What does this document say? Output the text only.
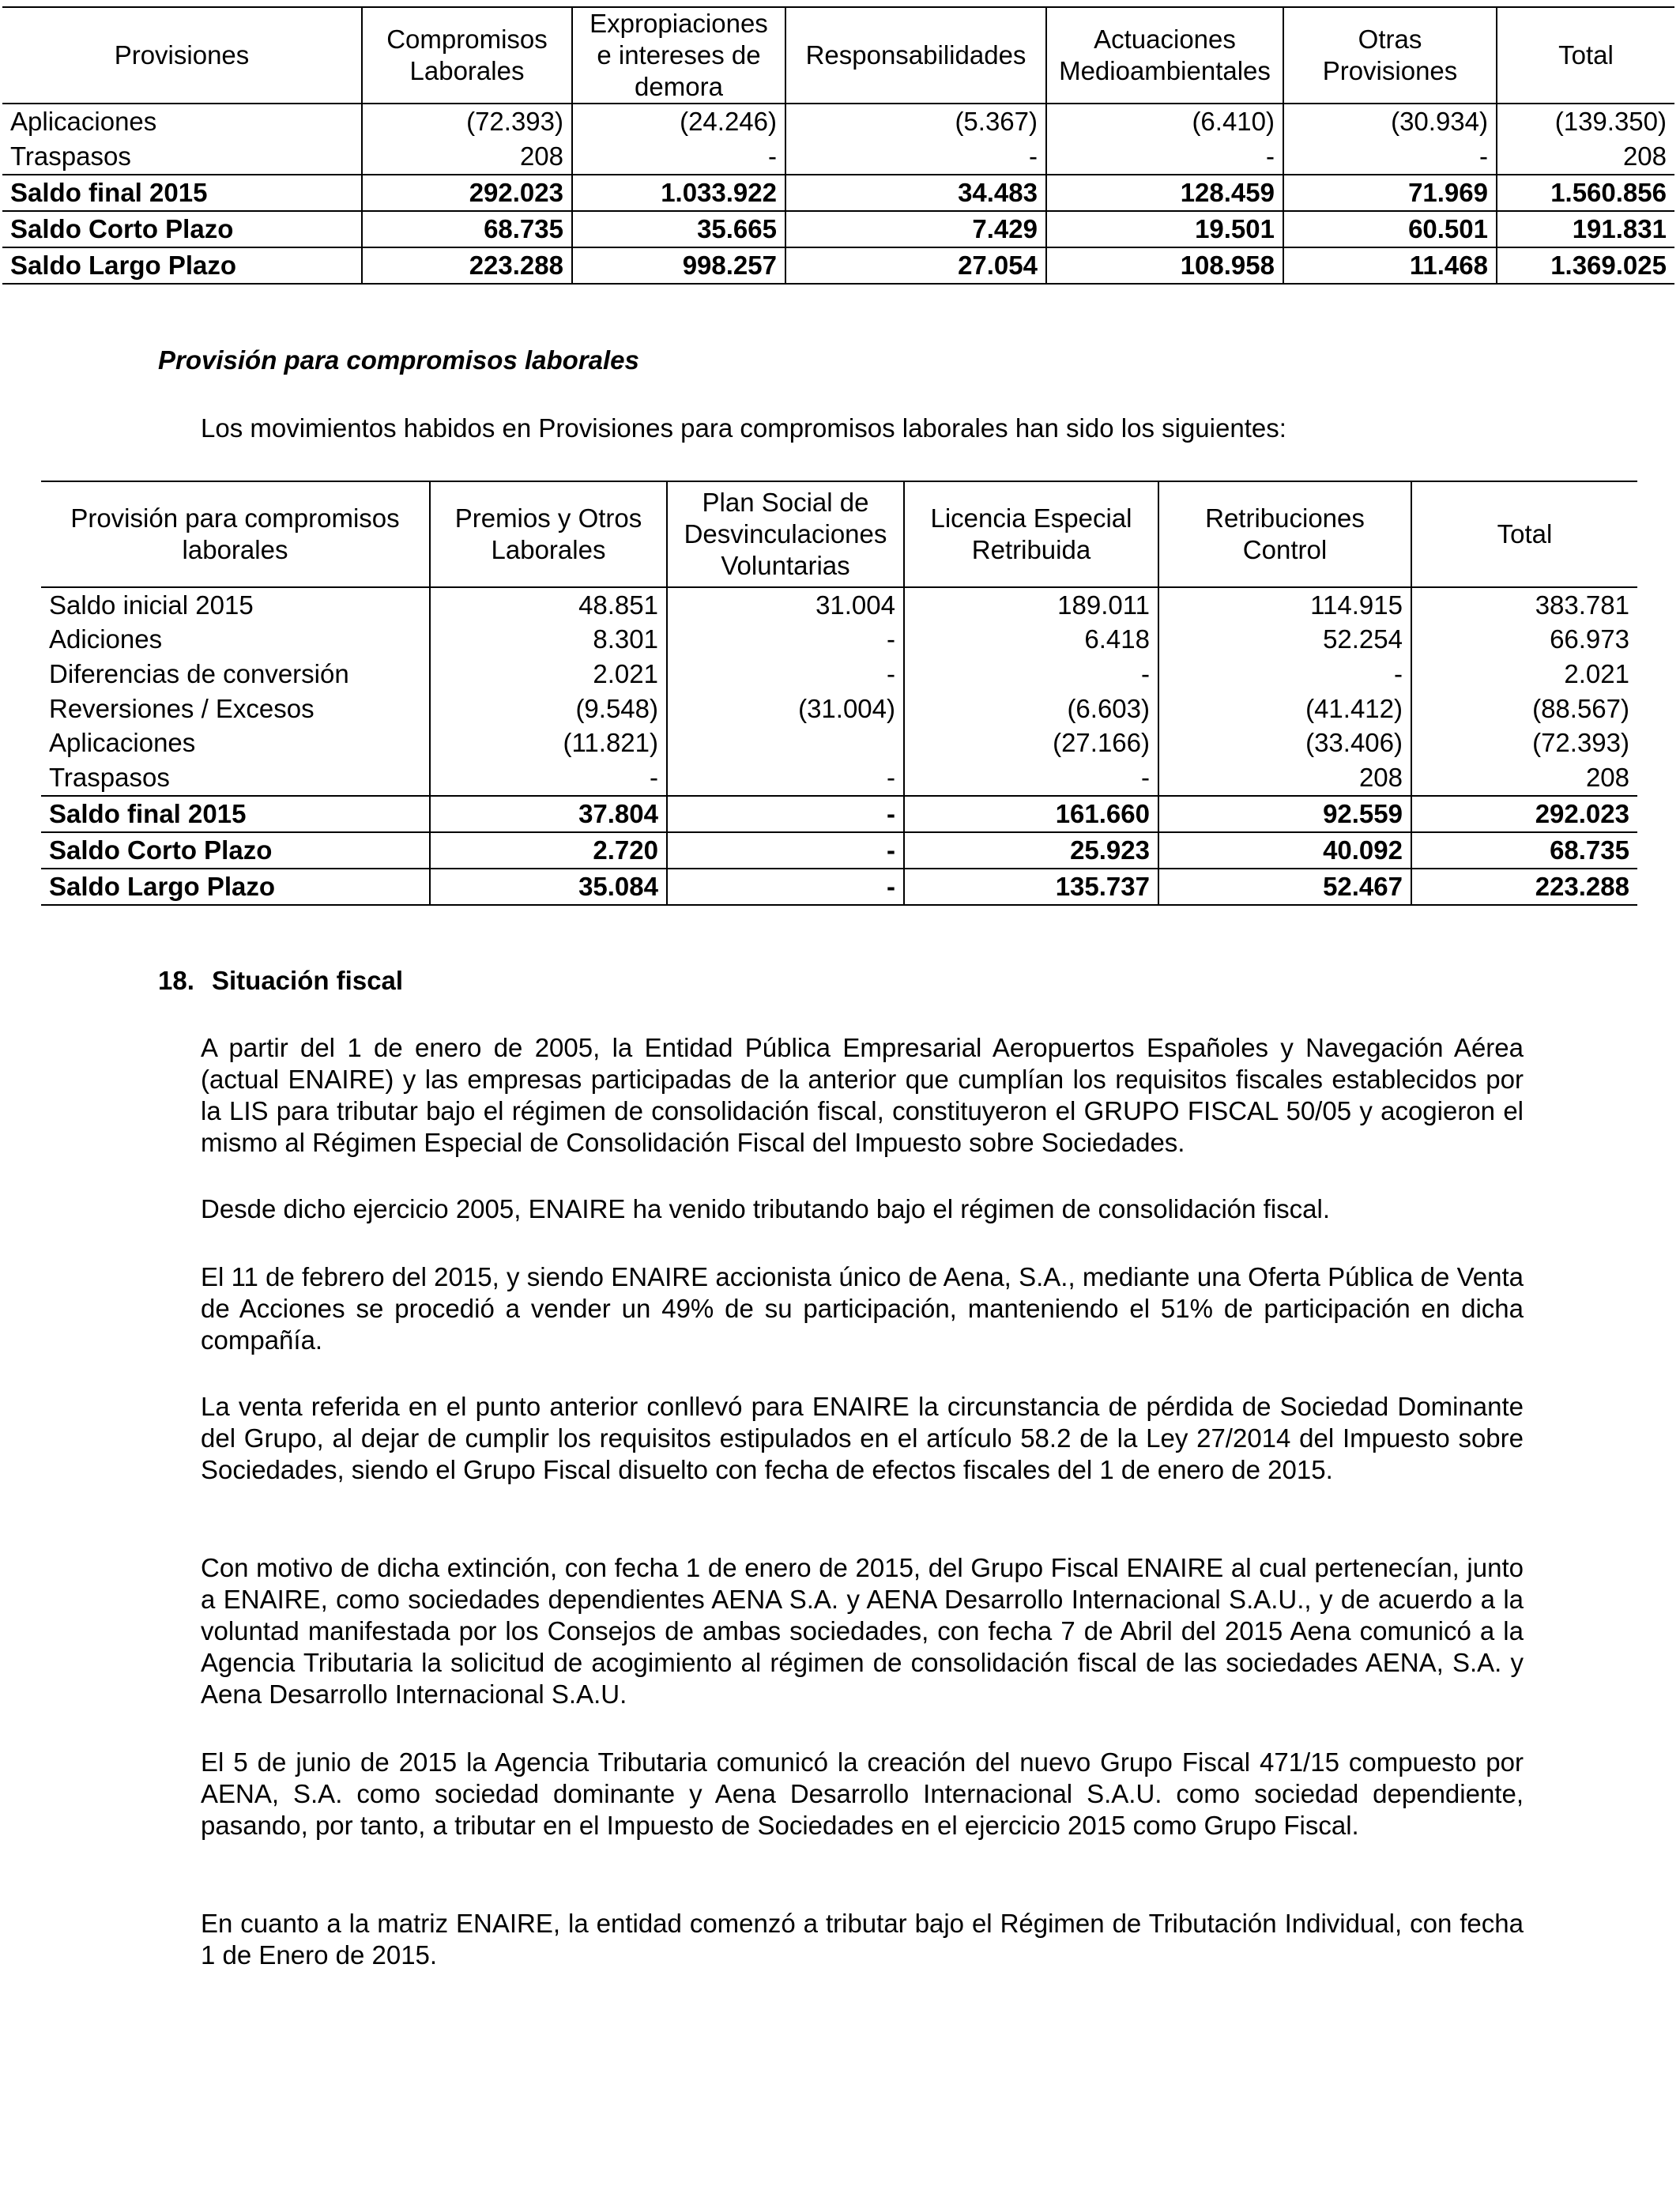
Provisiones	Compromisos Laborales	Expropiaciones e intereses de demora	Responsabilidades	Actuaciones Medioambientales	Otras Provisiones	Total
Aplicaciones	(72.393)	(24.246)	(5.367)	(6.410)	(30.934)	(139.350)
Traspasos	208	-	-	-	-	208
Saldo final 2015	292.023	1.033.922	34.483	128.459	71.969	1.560.856
Saldo Corto Plazo	68.735	35.665	7.429	19.501	60.501	191.831
Saldo Largo Plazo	223.288	998.257	27.054	108.958	11.468	1.369.025
Provisión para compromisos laborales
Los movimientos habidos en Provisiones para compromisos laborales han sido los siguientes:
Provisión para compromisos laborales	Premios y Otros Laborales	Plan Social de Desvinculaciones Voluntarias	Licencia Especial Retribuida	Retribuciones Control	Total
Saldo inicial 2015	48.851	31.004	189.011	114.915	383.781
Adiciones	8.301	-	6.418	52.254	66.973
Diferencias de conversión	2.021	-	-	-	2.021
Reversiones / Excesos	(9.548)	(31.004)	(6.603)	(41.412)	(88.567)
Aplicaciones	(11.821)		(27.166)	(33.406)	(72.393)
Traspasos	-	-	-	208	208
Saldo final 2015	37.804	-	161.660	92.559	292.023
Saldo Corto Plazo	2.720	-	25.923	40.092	68.735
Saldo Largo Plazo	35.084	-	135.737	52.467	223.288
18. Situación fiscal

A partir del 1 de enero de 2005, la Entidad Pública Empresarial Aeropuertos Españoles y Navegación Aérea (actual ENAIRE) y las empresas participadas de la anterior que cumplían los requisitos fiscales establecidos por la LIS para tributar bajo el régimen de consolidación fiscal, constituyeron el GRUPO FISCAL 50/05 y acogieron el mismo al Régimen Especial de Consolidación Fiscal del Impuesto sobre Sociedades.

Desde dicho ejercicio 2005, ENAIRE ha venido tributando bajo el régimen de consolidación fiscal.

El 11 de febrero del 2015, y siendo ENAIRE accionista único de Aena, S.A., mediante una Oferta Pública de Venta de Acciones se procedió a vender un 49% de su participación, manteniendo el 51% de participación en dicha compañía.

La venta referida en el punto anterior conllevó para ENAIRE la circunstancia de pérdida de Sociedad Dominante del Grupo, al dejar de cumplir los requisitos estipulados en el artículo 58.2 de la Ley 27/2014 del Impuesto sobre Sociedades, siendo el Grupo Fiscal disuelto con fecha de efectos fiscales del 1 de enero de 2015.

Con motivo de dicha extinción, con fecha 1 de enero de 2015, del Grupo Fiscal ENAIRE al cual pertenecían, junto a ENAIRE, como sociedades dependientes AENA S.A. y AENA Desarrollo Internacional S.A.U., y de acuerdo a la voluntad manifestada por los Consejos de ambas sociedades, con fecha 7 de Abril del 2015 Aena comunicó a la Agencia Tributaria la solicitud de acogimiento al régimen de consolidación fiscal de las sociedades AENA, S.A. y Aena Desarrollo Internacional S.A.U.

El 5 de junio de 2015 la Agencia Tributaria comunicó la creación del nuevo Grupo Fiscal 471/15 compuesto por AENA, S.A. como sociedad dominante y Aena Desarrollo Internacional S.A.U. como sociedad dependiente, pasando, por tanto, a tributar en el Impuesto de Sociedades en el ejercicio 2015 como Grupo Fiscal.

En cuanto a la matriz ENAIRE, la entidad comenzó a tributar bajo el Régimen de Tributación Individual, con fecha 1 de Enero de 2015.
